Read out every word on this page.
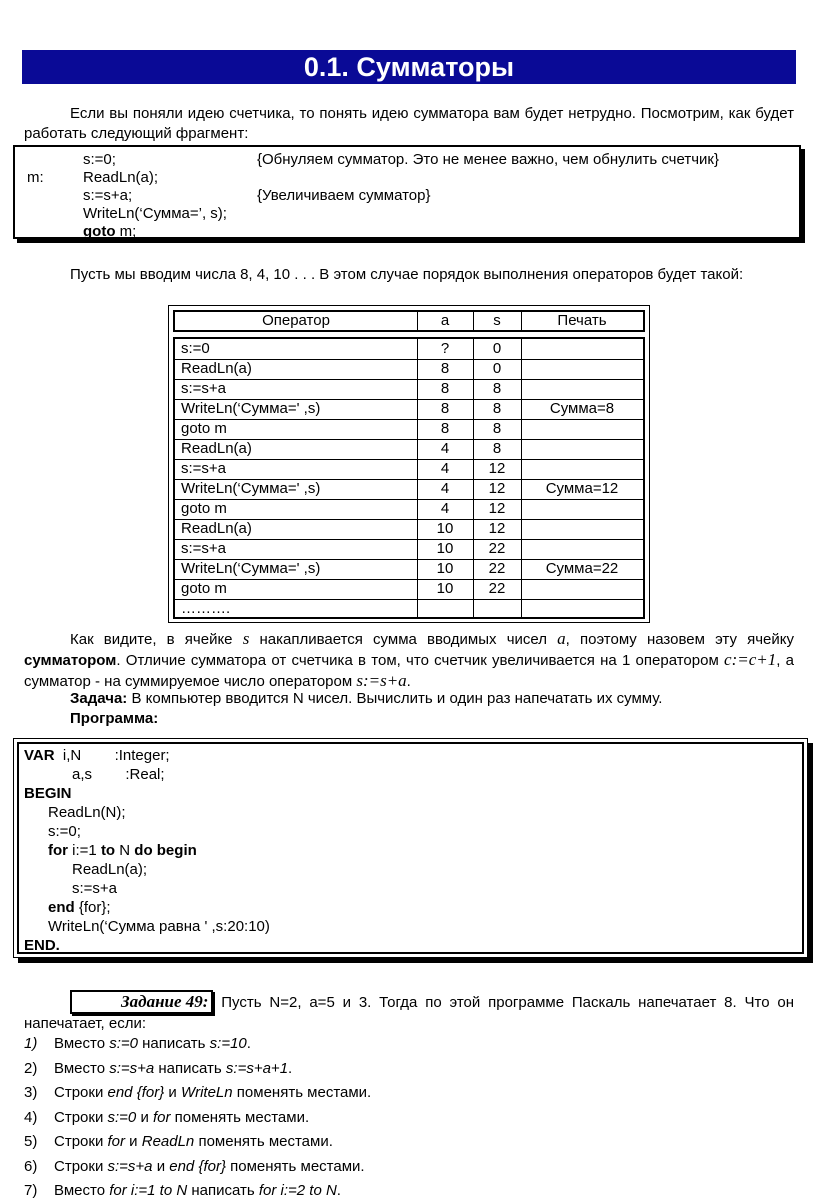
0.1. Сумматоры
Если вы поняли идею счетчика, то понять идею сумматора вам будет нетрудно. Посмотрим, как будет работать следующий фрагмент:
s:=0;	{Обнуляем сумматор. Это не менее важно, чем обнулить счетчик}
m:	ReadLn(a);
s:=s+a;	{Увеличиваем сумматор}
WriteLn(‘Сумма=’, s);
goto m;
Пусть мы вводим числа 8, 4, 10 . . . В этом случае порядок выполнения операторов будет такой:
Оператор	a	s	Печать
s:=0	?	0
ReadLn(a)	8	0
s:=s+a	8	8
WriteLn(‘Сумма=' ,s)	8	8	Сумма=8
goto m	8	8
ReadLn(a)	4	8
s:=s+a	4	12
WriteLn(‘Сумма=' ,s)	4	12	Сумма=12
goto m	4	12
ReadLn(a)	10	12
s:=s+a	10	22
WriteLn(‘Сумма=' ,s)	10	22	Сумма=22
goto m	10	22
……….
Как видите, в ячейке s накапливается сумма вводимых чисел a, поэтому назовем эту ячейку сумматором. Отличие сумматора от счетчика в том, что счетчик увеличивается на 1 оператором c:=c+1, а сумматор - на суммируемое число оператором s:=s+a.
Задача: В компьютер вводится N чисел. Вычислить и один раз напечатать их сумму.
Программа:
VAR  i,N        :Integer;
a,s        :Real;
BEGIN
ReadLn(N);
s:=0;
for i:=1 to N do begin
ReadLn(a);
s:=s+a
end {for};
WriteLn(‘Сумма равна ' ,s:20:10)
END.
Задание 49: Пусть N=2, a=5 и 3. Тогда по этой программе Паскаль напечатает 8. Что он напечатает, если:
1) Вместо s:=0 написать s:=10.
2) Вместо s:=s+a написать s:=s+a+1.
3) Строки end {for} и WriteLn поменять местами.
4) Строки s:=0 и for поменять местами.
5) Строки for и ReadLn поменять местами.
6) Строки s:=s+a и end {for} поменять местами.
7) Вместо for i:=1 to N написать for i:=2 to N.
